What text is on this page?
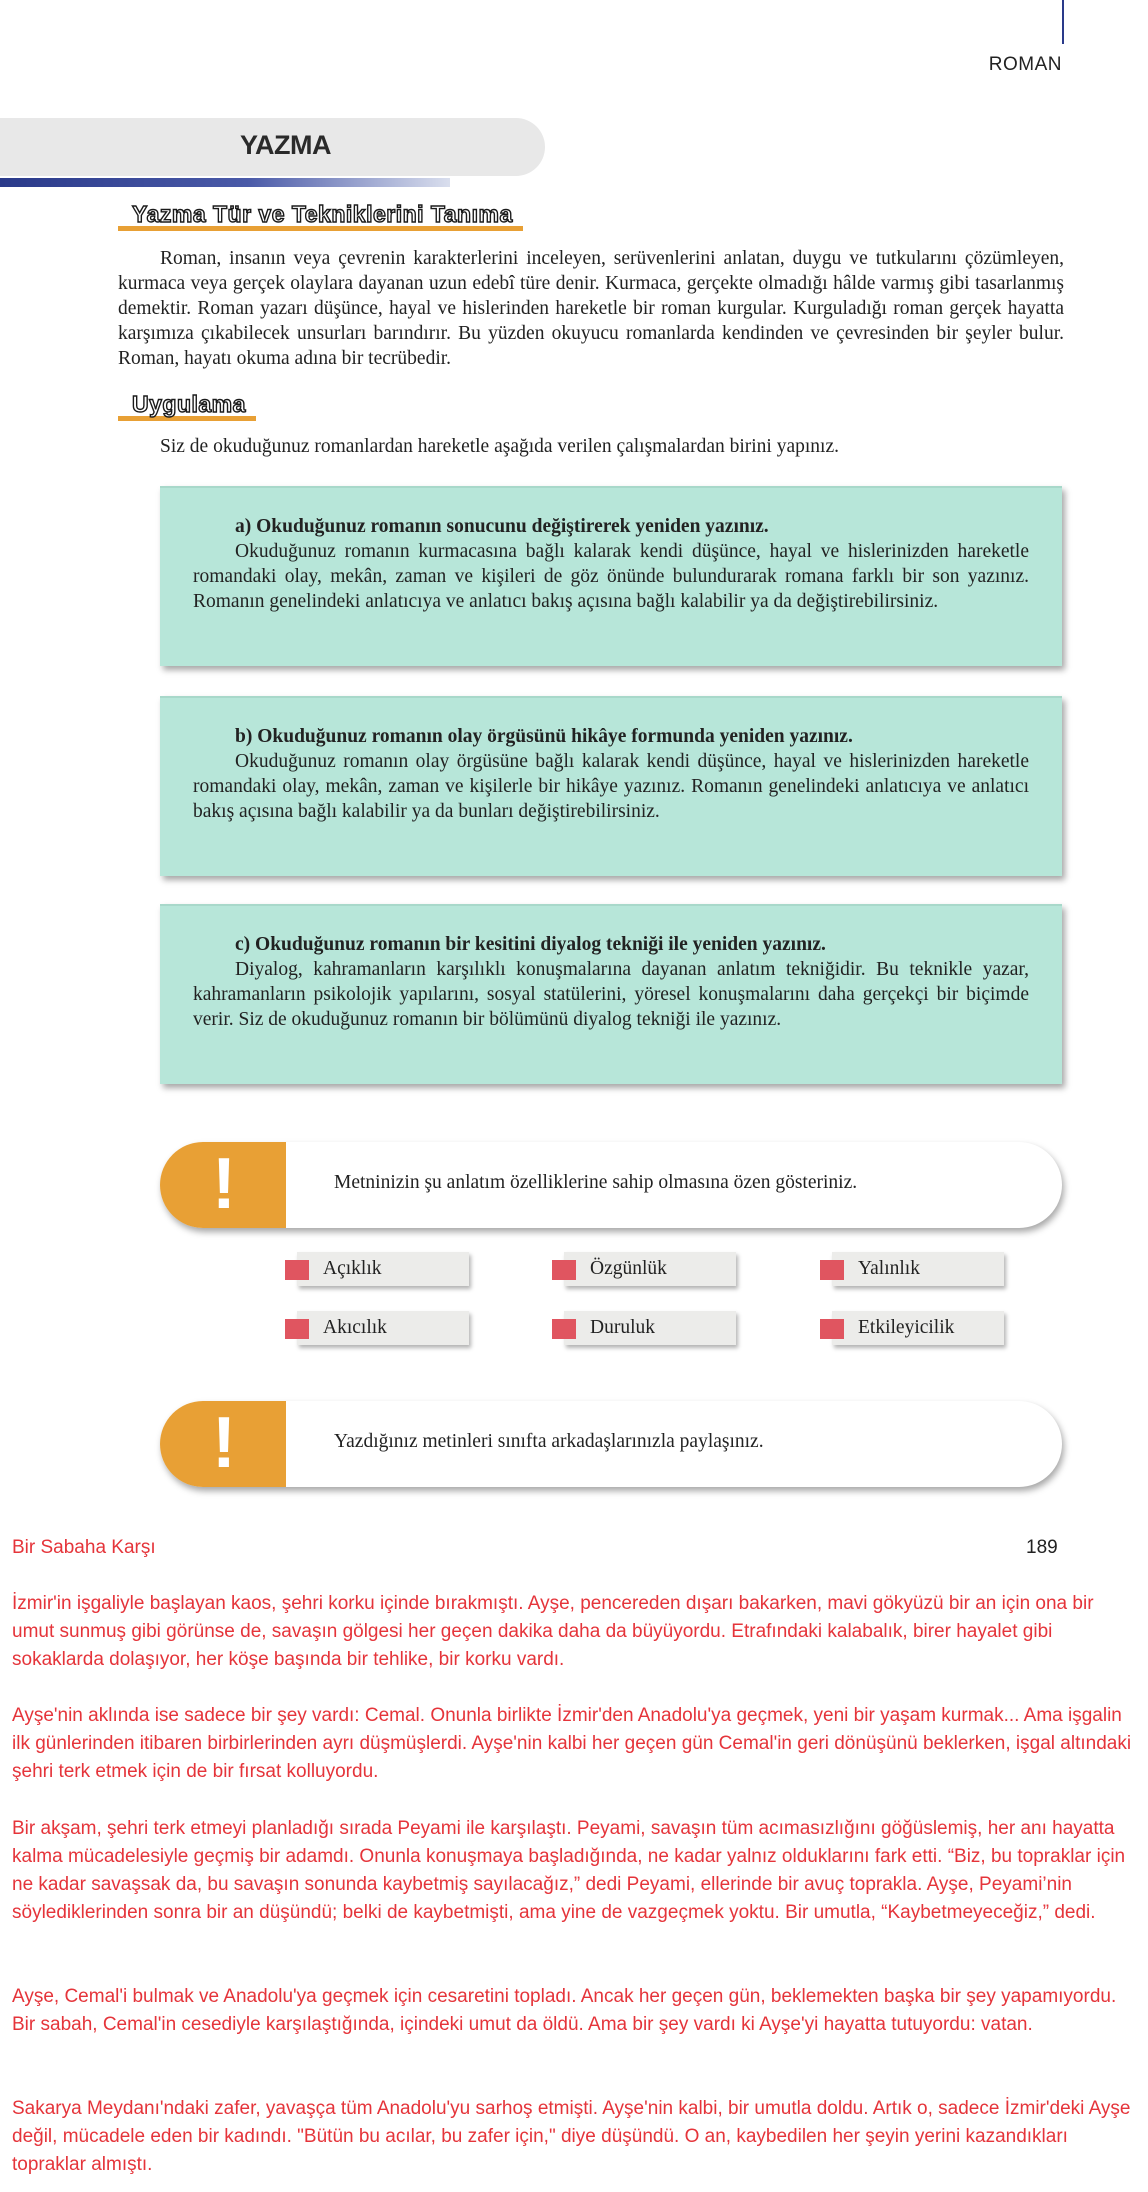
ROMAN
YAZMA
Yazma Tür ve Tekniklerini Tanıma
Roman, insanın veya çevrenin karakterlerini inceleyen, serüvenlerini anlatan, duygu ve tutkularını çözümleyen, kurmaca veya gerçek olaylara dayanan uzun edebî türe denir. Kurmaca, gerçekte olmadığı hâlde varmış gibi tasarlanmış demektir. Roman yazarı düşünce, hayal ve hislerinden hareketle bir roman kurgular. Kurguladığı roman gerçek hayatta karşımıza çıkabilecek unsurları barındırır. Bu yüzden okuyucu romanlarda kendinden ve çevresinden bir şeyler bulur. Roman, hayatı okuma adına bir tecrübedir.
Uygulama
Siz de okuduğunuz romanlardan hareketle aşağıda verilen çalışmalardan birini yapınız.
a) Okuduğunuz romanın sonucunu değiştirerek yeniden yazınız.
Okuduğunuz romanın kurmacasına bağlı kalarak kendi düşünce, hayal ve hislerinizden hareketle romandaki olay, mekân, zaman ve kişileri de göz önünde bulundurarak romana farklı bir son yazınız. Romanın genelindeki anlatıcıya ve anlatıcı bakış açısına bağlı kalabilir ya da değiştirebilirsiniz.
b) Okuduğunuz romanın olay örgüsünü hikâye formunda yeniden yazınız.
Okuduğunuz romanın olay örgüsüne bağlı kalarak kendi düşünce, hayal ve hislerinizden hareketle romandaki olay, mekân, zaman ve kişilerle bir hikâye yazınız. Romanın genelindeki anlatıcıya ve anlatıcı bakış açısına bağlı kalabilir ya da bunları değiştirebilirsiniz.
c) Okuduğunuz romanın bir kesitini diyalog tekniği ile yeniden yazınız.
Diyalog, kahramanların karşılıklı konuşmalarına dayanan anlatım tekniğidir. Bu teknikle yazar, kahramanların psikolojik yapılarını, sosyal statülerini, yöresel konuşmalarını daha gerçekçi bir biçimde verir. Siz de okuduğunuz romanın bir bölümünü diyalog tekniği ile yazınız.
!	Metninizin şu anlatım özelliklerine sahip olmasına özen gösteriniz.
Açıklık	Özgünlük	Yalınlık
Akıcılık	Duruluk	Etkileyicilik
!	Yazdığınız metinleri sınıfta arkadaşlarınızla paylaşınız.
Bir Sabaha Karşı	189
İzmir'in işgaliyle başlayan kaos, şehri korku içinde bırakmıştı. Ayşe, pencereden dışarı bakarken, mavi gökyüzü bir an için ona bir umut sunmuş gibi görünse de, savaşın gölgesi her geçen dakika daha da büyüyordu. Etrafındaki kalabalık, birer hayalet gibi sokaklarda dolaşıyor, her köşe başında bir tehlike, bir korku vardı.
Ayşe'nin aklında ise sadece bir şey vardı: Cemal. Onunla birlikte İzmir'den Anadolu'ya geçmek, yeni bir yaşam kurmak... Ama işgalin ilk günlerinden itibaren birbirlerinden ayrı düşmüşlerdi. Ayşe'nin kalbi her geçen gün Cemal'in geri dönüşünü beklerken, işgal altındaki şehri terk etmek için de bir fırsat kolluyordu.
Bir akşam, şehri terk etmeyi planladığı sırada Peyami ile karşılaştı. Peyami, savaşın tüm acımasızlığını göğüslemiş, her anı hayatta kalma mücadelesiyle geçmiş bir adamdı. Onunla konuşmaya başladığında, ne kadar yalnız olduklarını fark etti. “Biz, bu topraklar için ne kadar savaşsak da, bu savaşın sonunda kaybetmiş sayılacağız,” dedi Peyami, ellerinde bir avuç toprakla. Ayşe, Peyami’nin söylediklerinden sonra bir an düşündü; belki de kaybetmişti, ama yine de vazgeçmek yoktu. Bir umutla, “Kaybetmeyeceğiz,” dedi.
Ayşe, Cemal'i bulmak ve Anadolu'ya geçmek için cesaretini topladı. Ancak her geçen gün, beklemekten başka bir şey yapamıyordu. Bir sabah, Cemal'in cesediyle karşılaştığında, içindeki umut da öldü. Ama bir şey vardı ki Ayşe'yi hayatta tutuyordu: vatan.
Sakarya Meydanı'ndaki zafer, yavaşça tüm Anadolu'yu sarhoş etmişti. Ayşe'nin kalbi, bir umutla doldu. Artık o, sadece İzmir'deki Ayşe değil, mücadele eden bir kadındı. "Bütün bu acılar, bu zafer için," diye düşündü. O an, kaybedilen her şeyin yerini kazandıkları topraklar almıştı.
